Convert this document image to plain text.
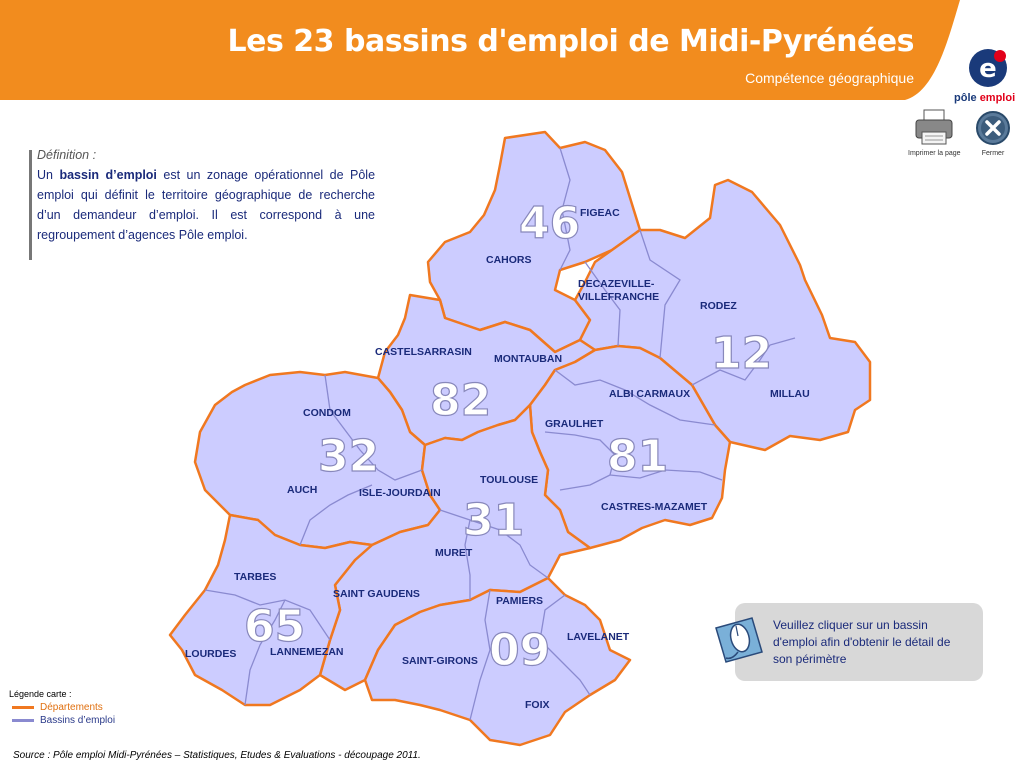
Les 23 bassins d'emploi de Midi-Pyrénées
Compétence géographique	e
pôle emploi
Imprimer la page	Fermer
Définition :
Un bassin d’emploi est un zonage opérationnel de Pôle emploi qui définit le territoire géographique de recherche d’un demandeur d’emploi. Il est correspond à une regroupement d’agences Pôle emploi.	46
12
82
81
32
31
65	09
FIGEAC
CAHORS
DECAZEVILLE-
VILLEFRANCHE
RODEZ
CASTELSARRASIN
MONTAUBAN
ALBI CARMAUX	MILLAU
CONDOM
GRAULHET
AUCH	ISLE-JOURDAIN
TOULOUSE
CASTRES-MAZAMET
MURET
TARBES
SAINT GAUDENS
PAMIERS
LAVELANET
LOURDES	LANNEMEZAN
SAINT-GIRONS
FOIX
Veuillez cliquer sur un bassin d'emploi afin d'obtenir le détail de son périmètre
Légende carte :
Départements
Bassins d’emploi
Source : Pôle emploi Midi-Pyrénées – Statistiques, Etudes & Evaluations - découpage 2011.
